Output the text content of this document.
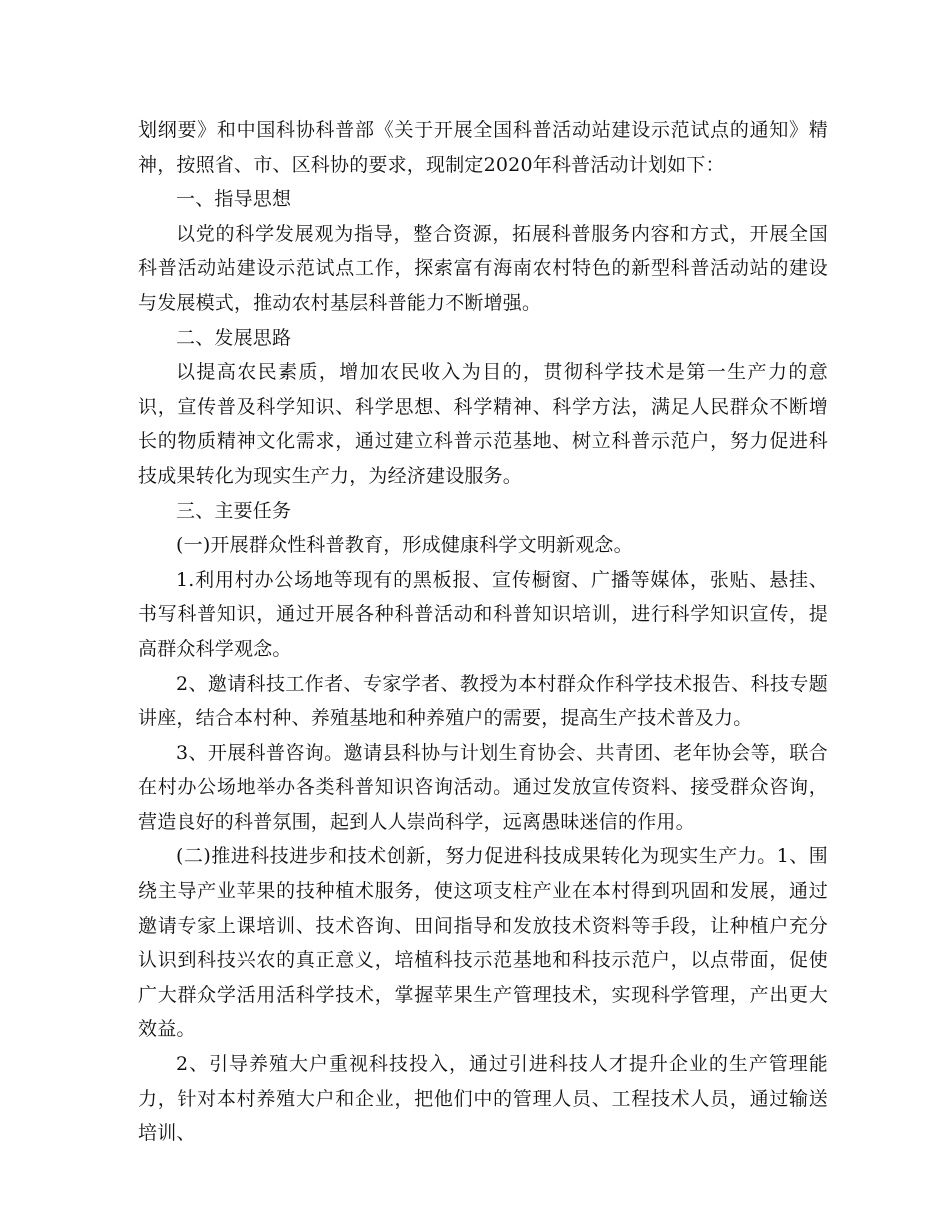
划纲要》和中国科协科普部《关于开展全国科普活动站建设示范试点的通知》精神，按照省、市、区科协的要求，现制定2020年科普活动计划如下：

一、指导思想

以党的科学发展观为指导，整合资源，拓展科普服务内容和方式，开展全国科普活动站建设示范试点工作，探索富有海南农村特色的新型科普活动站的建设与发展模式，推动农村基层科普能力不断增强。

二、发展思路

以提高农民素质，增加农民收入为目的，贯彻科学技术是第一生产力的意识，宣传普及科学知识、科学思想、科学精神、科学方法，满足人民群众不断增长的物质精神文化需求，通过建立科普示范基地、树立科普示范户，努力促进科技成果转化为现实生产力，为经济建设服务。

三、主要任务

(一)开展群众性科普教育，形成健康科学文明新观念。

1.利用村办公场地等现有的黑板报、宣传橱窗、广播等媒体，张贴、悬挂、书写科普知识，通过开展各种科普活动和科普知识培训，进行科学知识宣传，提高群众科学观念。

2、邀请科技工作者、专家学者、教授为本村群众作科学技术报告、科技专题讲座，结合本村种、养殖基地和种养殖户的需要，提高生产技术普及力。

3、开展科普咨询。邀请县科协与计划生育协会、共青团、老年协会等，联合在村办公场地举办各类科普知识咨询活动。通过发放宣传资料、接受群众咨询，营造良好的科普氛围，起到人人崇尚科学，远离愚昧迷信的作用。

(二)推进科技进步和技术创新，努力促进科技成果转化为现实生产力。1、围绕主导产业苹果的技种植术服务，使这项支柱产业在本村得到巩固和发展，通过邀请专家上课培训、技术咨询、田间指导和发放技术资料等手段，让种植户充分认识到科技兴农的真正意义，培植科技示范基地和科技示范户，以点带面，促使广大群众学活用活科学技术，掌握苹果生产管理技术，实现科学管理，产出更大效益。

2、引导养殖大户重视科技投入，通过引进科技人才提升企业的生产管理能力，针对本村养殖大户和企业，把他们中的管理人员、工程技术人员，通过输送培训、
